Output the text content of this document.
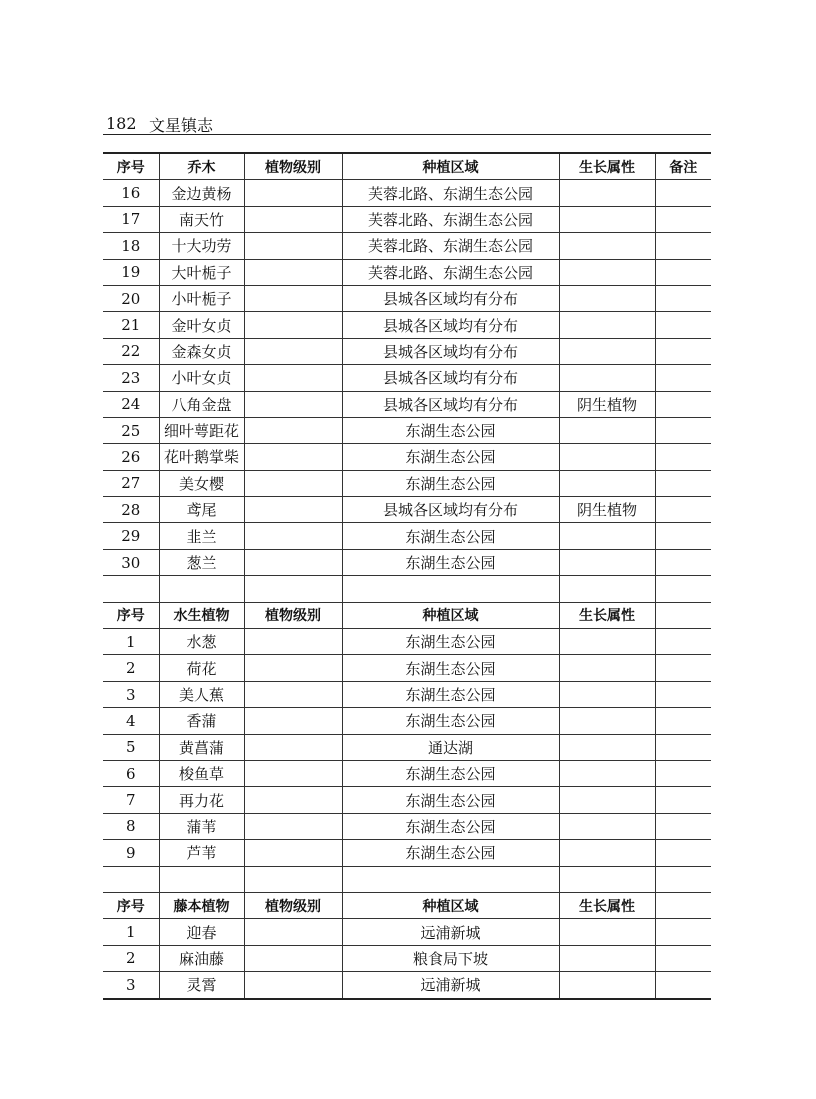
182 文星镇志
序号	乔木	植物级别	种植区域	生长属性	备注
16	金边黄杨		芙蓉北路、东湖生态公园		
17	南天竹		芙蓉北路、东湖生态公园		
18	十大功劳		芙蓉北路、东湖生态公园		
19	大叶栀子		芙蓉北路、东湖生态公园		
20	小叶栀子		县城各区域均有分布		
21	金叶女贞		县城各区域均有分布		
22	金森女贞		县城各区域均有分布		
23	小叶女贞		县城各区域均有分布		
24	八角金盘		县城各区域均有分布	阴生植物	
25	细叶萼距花		东湖生态公园		
26	花叶鹅掌柴		东湖生态公园		
27	美女樱		东湖生态公园		
28	鸢尾		县城各区域均有分布	阴生植物	
29	韭兰		东湖生态公园		
30	葱兰		东湖生态公园		

序号	水生植物	植物级别	种植区域	生长属性	
1	水葱		东湖生态公园		
2	荷花		东湖生态公园		
3	美人蕉		东湖生态公园		
4	香蒲		东湖生态公园		
5	黄菖蒲		通达湖		
6	梭鱼草		东湖生态公园		
7	再力花		东湖生态公园		
8	蒲苇		东湖生态公园		
9	芦苇		东湖生态公园		

序号	藤本植物	植物级别	种植区域	生长属性	
1	迎春		远浦新城		
2	麻油藤		粮食局下坡		
3	灵霄		远浦新城		
